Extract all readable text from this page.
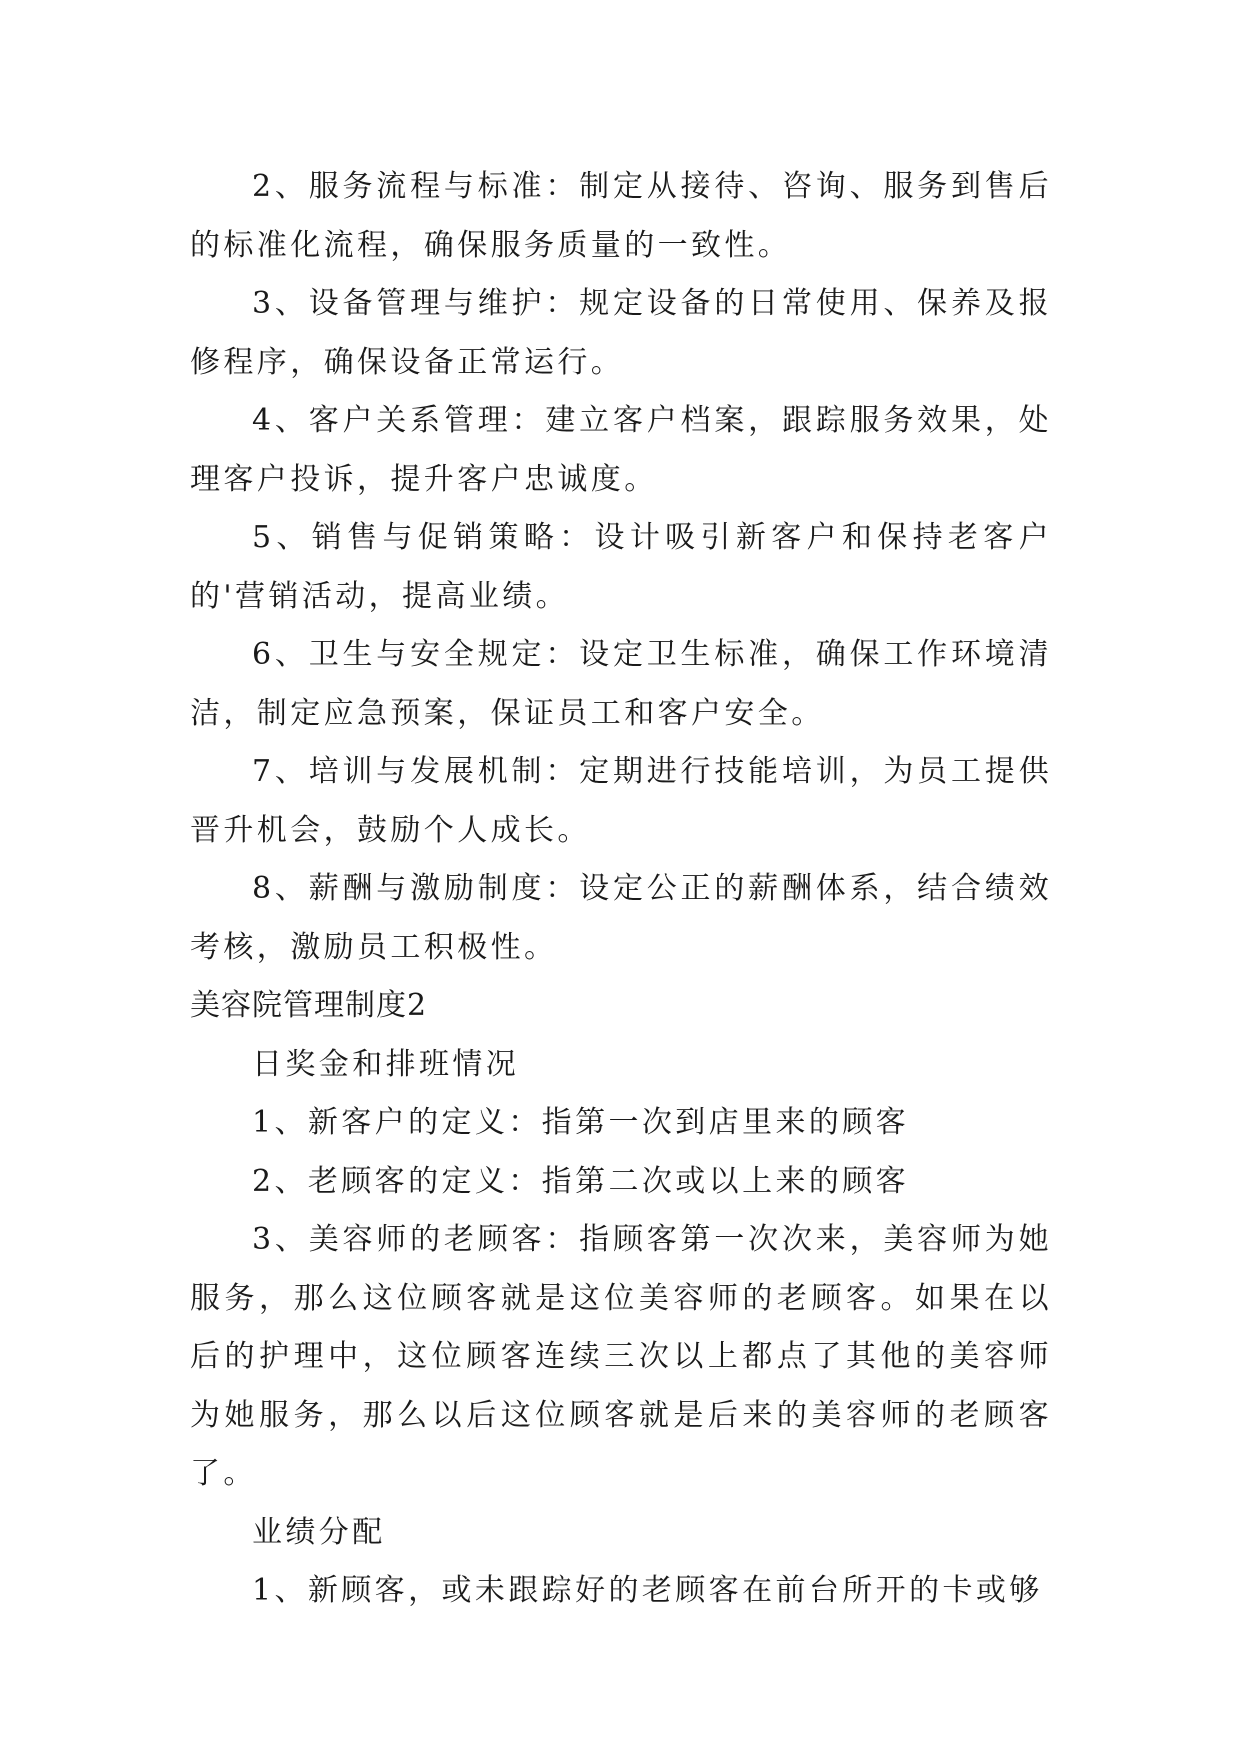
2、服务流程与标准：制定从接待、咨询、服务到售后的标准化流程，确保服务质量的一致性。

3、设备管理与维护：规定设备的日常使用、保养及报修程序，确保设备正常运行。

4、客户关系管理：建立客户档案，跟踪服务效果，处理客户投诉，提升客户忠诚度。

5、销售与促销策略：设计吸引新客户和保持老客户的'营销活动，提高业绩。

6、卫生与安全规定：设定卫生标准，确保工作环境清洁，制定应急预案，保证员工和客户安全。

7、培训与发展机制：定期进行技能培训，为员工提供晋升机会，鼓励个人成长。

8、薪酬与激励制度：设定公正的薪酬体系，结合绩效考核，激励员工积极性。

美容院管理制度2

日奖金和排班情况

1、新客户的定义：指第一次到店里来的顾客

2、老顾客的定义：指第二次或以上来的顾客

3、美容师的老顾客：指顾客第一次次来，美容师为她服务，那么这位顾客就是这位美容师的老顾客。如果在以后的护理中，这位顾客连续三次以上都点了其他的美容师为她服务，那么以后这位顾客就是后来的美容师的老顾客了。

业绩分配

1、新顾客，或未跟踪好的老顾客在前台所开的卡或够
